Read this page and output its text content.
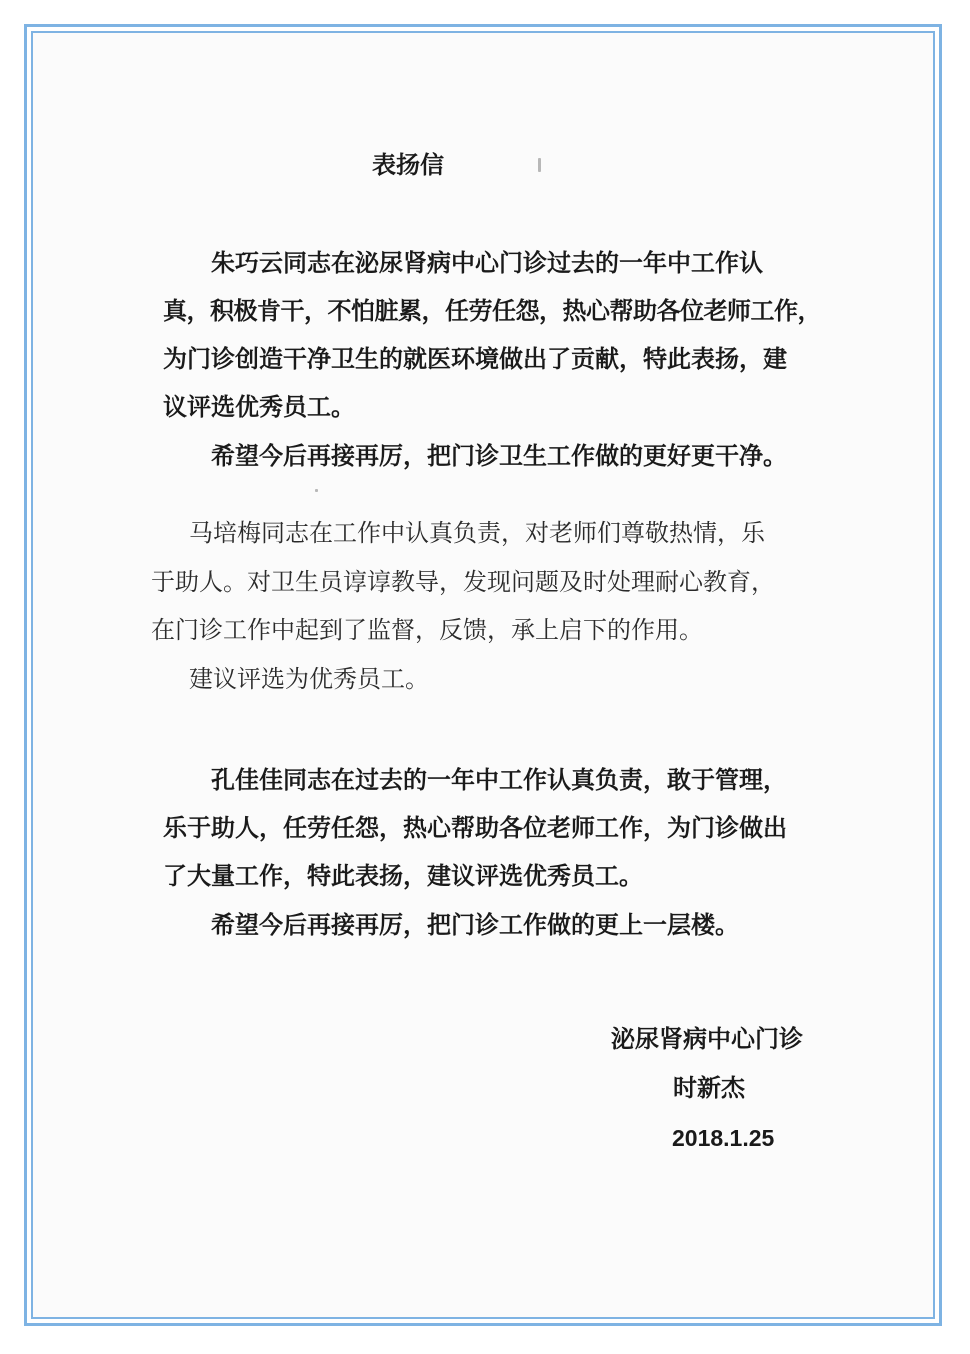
表扬信
朱巧云同志在泌尿肾病中心门诊过去的一年中工作认
真，积极肯干，不怕脏累，任劳任怨，热心帮助各位老师工作，
为门诊创造干净卫生的就医环境做出了贡献，特此表扬，建
议评选优秀员工。
希望今后再接再厉，把门诊卫生工作做的更好更干净。
马培梅同志在工作中认真负责，对老师们尊敬热情，乐
于助人。对卫生员谆谆教导，发现问题及时处理耐心教育，
在门诊工作中起到了监督，反馈，承上启下的作用。
建议评选为优秀员工。
孔佳佳同志在过去的一年中工作认真负责，敢于管理，
乐于助人，任劳任怨，热心帮助各位老师工作，为门诊做出
了大量工作，特此表扬，建议评选优秀员工。
希望今后再接再厉，把门诊工作做的更上一层楼。
泌尿肾病中心门诊
时新杰
2018.1.25
